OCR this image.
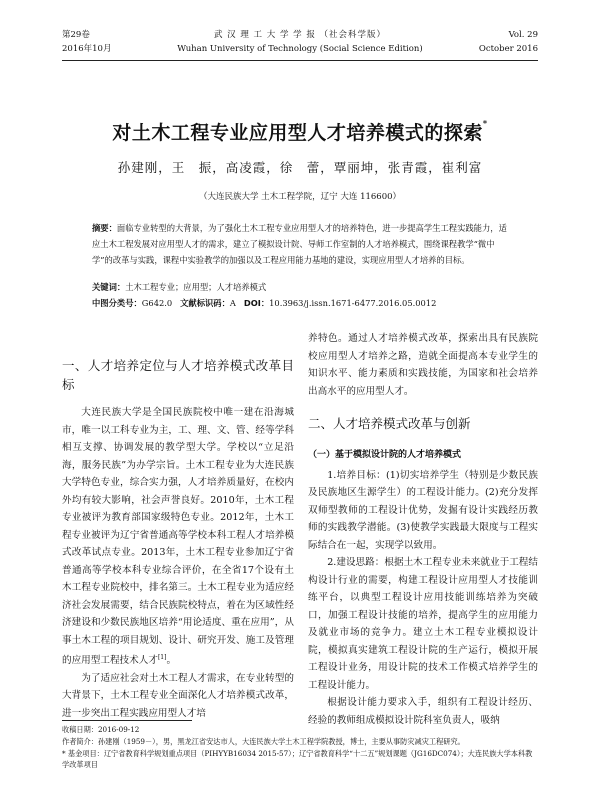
第29卷
2016年10月
武 汉 理 工 大 学 学 报 （社会科学版）
Wuhan University of Technology (Social Science Edition)
Vol. 29
October 2016
对土木工程专业应用型人才培养模式的探索*
孙建刚，王　振，高凌霞，徐　蕾，覃丽坤，张青霞，崔利富
（大连民族大学 土木工程学院，辽宁 大连 116600）
摘要：面临专业转型的大背景，为了强化土木工程专业应用型人才的培养特色，进一步提高学生工程实践能力，适应土木工程发展对应用型人才的需求，建立了模拟设计院、导师工作室制的人才培养模式，围绕课程教学“微中学”的改革与实践，课程中实验教学的加强以及工程应用能力基地的建设，实现应用型人才培养的目标。
关键词：土木工程专业；应用型；人才培养模式
中图分类号：G642.0 文献标识码：A DOI：10.3963/j.issn.1671-6477.2016.05.0012
一、人才培养定位与人才培养模式改革目标

大连民族大学是全国民族院校中唯一建在沿海城市，唯一以工科专业为主，工、理、文、管、经等学科相互支撑、协调发展的教学型大学。学校以“立足沿海，服务民族”为办学宗旨。土木工程专业为大连民族大学特色专业，综合实力强，人才培养质量好，在校内外均有较大影响，社会声誉良好。2010年，土木工程专业被评为教育部国家级特色专业。2012年，土木工程专业被评为辽宁省普通高等学校本科工程人才培养模式改革试点专业。2013年，土木工程专业参加辽宁省普通高等学校本科专业综合评价，在全省17个设有土木工程专业院校中，排名第三。土木工程专业为适应经济社会发展需要，结合民族院校特点，着在为区域性经济建设和少数民族地区培养“用论适度、重在应用”，从事土木工程的项目规划、设计、研究开发、施工及管理的应用型工程技术人才[1]。

为了适应社会对土木工程人才需求，在专业转型的大背景下，土木工程专业全面深化人才培养模式改革，进一步突出工程实践应用型人才培

养特色。通过人才培养模式改革，探索出具有民族院校应用型人才培养之路，造就全面提高本专业学生的知识水平、能力素质和实践技能，为国家和社会培养出高水平的应用型人才。

二、人才培养模式改革与创新
（一）基于模拟设计院的人才培养模式

1.培养目标：(1)切实培养学生（特别是少数民族及民族地区生源学生）的工程设计能力。(2)充分发挥双师型教师的工程设计优势，发掘有设计实践经历教师的实践教学潜能。(3)使教学实践最大限度与工程实际结合在一起，实现学以致用。

2.建设思路：根据土木工程专业未来就业于工程结构设计行业的需要，构建工程设计应用型人才技能训练平台，以典型工程设计应用技能训练培养为突破口，加强工程设计技能的培养，提高学生的应用能力及就业市场的竞争力。建立土木工程专业模拟设计院，模拟真实建筑工程设计院的生产运行，模拟开展工程设计业务，用设计院的技术工作模式培养学生的工程设计能力。

根据设计能力要求入手，组织有工程设计经历、经验的教师组成模拟设计院科室负责人，吸纳

收稿日期：2016-09-12
作者简介：孙建刚（1959－），男，黑龙江省安达市人，大连民族大学土木工程学院教授，博士，主要从事防灾减灾工程研究。
* 基金项目：辽宁省教育科学规划重点项目（PIHYYB16034 2015-57）；辽宁省教育科学“十二五”规划课题（JG16DC074）；大连民族大学本科教学改革项目
